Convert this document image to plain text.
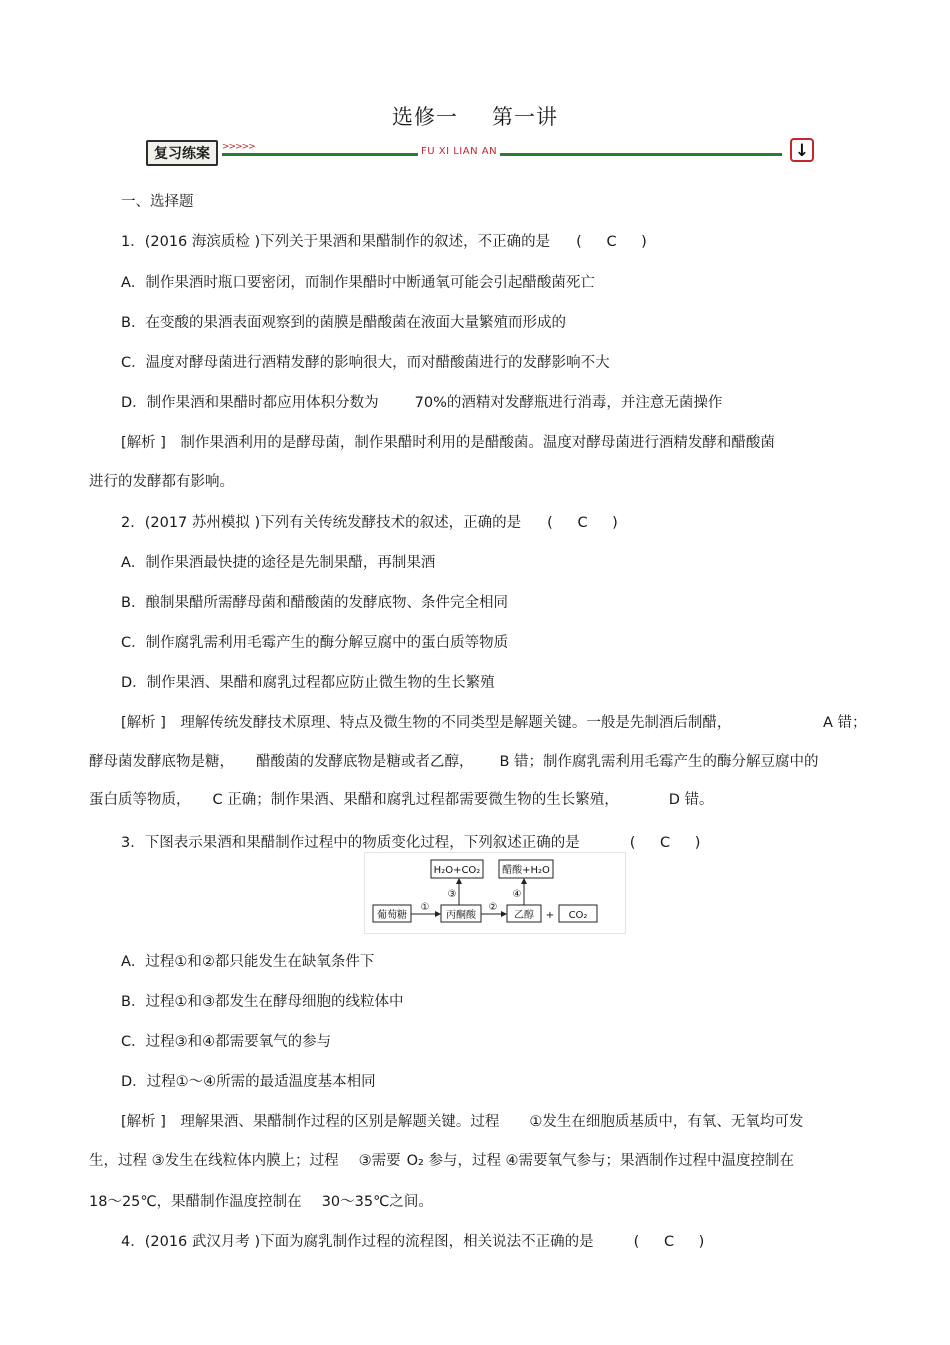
选修一 第一讲
复习练案	>>>>>	FU XI LIAN AN	↓
一、选择题
1．(2016 海滨质检 )下列关于果酒和果醋制作的叙述，不正确的是 ( C )
A．制作果酒时瓶口要密闭，而制作果醋时中断通氧可能会引起醋酸菌死亡
B．在变酸的果酒表面观察到的菌膜是醋酸菌在液面大量繁殖而形成的
C．温度对酵母菌进行酒精发酵的影响很大，而对醋酸菌进行的发酵影响不大
D．制作果酒和果醋时都应用体积分数为 70%的酒精对发酵瓶进行消毒，并注意无菌操作
[解析 ]　制作果酒利用的是酵母菌，制作果醋时利用的是醋酸菌。温度对酵母菌进行酒精发酵和醋酸菌
进行的发酵都有影响。
2．(2017 苏州模拟 )下列有关传统发酵技术的叙述，正确的是 ( C )
A．制作果酒最快捷的途径是先制果醋，再制果酒
B．酿制果醋所需酵母菌和醋酸菌的发酵底物、条件完全相同
C．制作腐乳需利用毛霉产生的酶分解豆腐中的蛋白质等物质
D．制作果酒、果醋和腐乳过程都应防止微生物的生长繁殖
[解析 ]　理解传统发酵技术原理、特点及微生物的不同类型是解题关键。一般是先制酒后制醋，	A 错；
酵母菌发酵底物是糖， 醋酸菌的发酵底物是糖或者乙醇， B 错；制作腐乳需利用毛霉产生的酶分解豆腐中的
蛋白质等物质， C 正确；制作果酒、果醋和腐乳过程都需要微生物的生长繁殖，	D 错。
3．下图表示果酒和果醋制作过程中的物质变化过程，下列叙述正确的是	( C )
葡萄糖	丙酮酸	乙醇	CO₂
H₂O+CO₂ 醋酸+H₂O
①	②
③	④
+
A．过程①和②都只能发生在缺氧条件下
B．过程①和③都发生在酵母细胞的线粒体中
C．过程③和④都需要氧气的参与
D．过程①～④所需的最适温度基本相同
[解析 ]　理解果酒、果醋制作过程的区别是解题关键。过程 ①发生在细胞质基质中，有氧、无氧均可发
生，过程 ③发生在线粒体内膜上；过程 ③需要 O₂ 参与，过程 ④需要氧气参与；果酒制作过程中温度控制在
18～25℃，果醋制作温度控制在 30～35℃之间。
4．(2016 武汉月考 )下面为腐乳制作过程的流程图，相关说法不正确的是	( C )
